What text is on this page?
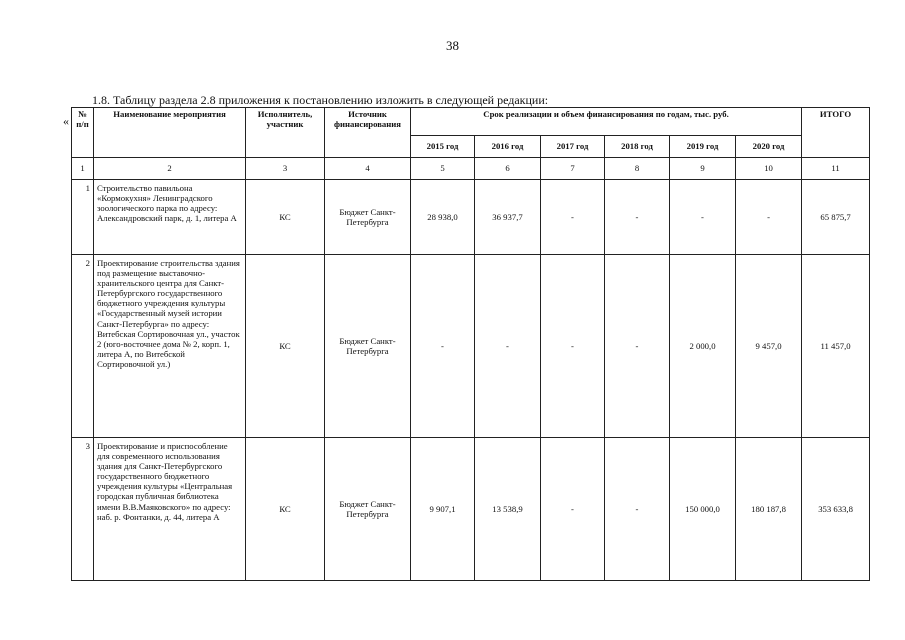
38
1.8. Таблицу раздела 2.8 приложения к постановлению изложить в следующей редакции:
« № п/п	Наименование мероприятия	Исполнитель, участник	Источник финансирования	Срок реализации и объем финансирования по годам, тыс. руб.						ИТОГО
				2015 год	2016 год	2017 год	2018 год	2019 год	2020 год	
1	2	3	4	5	6	7	8	9	10	11
1	Строительство павильона «Кормокухня» Ленинградского зоологического парка по адресу: Александровский парк, д. 1, литера А	КС	Бюджет Санкт-Петербурга	28 938,0	36 937,7	-	-	-	-	65 875,7
2	Проектирование строительства здания под размещение выставочно-хранительского центра для Санкт-Петербургского государственного бюджетного учреждения культуры «Государственный музей истории Санкт-Петербурга» по адресу: Витебская Сортировочная ул., участок 2 (юго-восточнее дома № 2, корп. 1, литера А, по Витебской Сортировочной ул.)	КС	Бюджет Санкт-Петербурга	-	-	-	-	2 000,0	9 457,0	11 457,0
3	Проектирование и приспособление для современного использования здания для Санкт-Петербургского государственного бюджетного учреждения культуры «Центральная городская публичная библиотека имени В.В.Маяковского» по адресу: наб. р. Фонтанки, д. 44, литера А	КС	Бюджет Санкт-Петербурга	9 907,1	13 538,9	-	-	150 000,0	180 187,8	353 633,8
